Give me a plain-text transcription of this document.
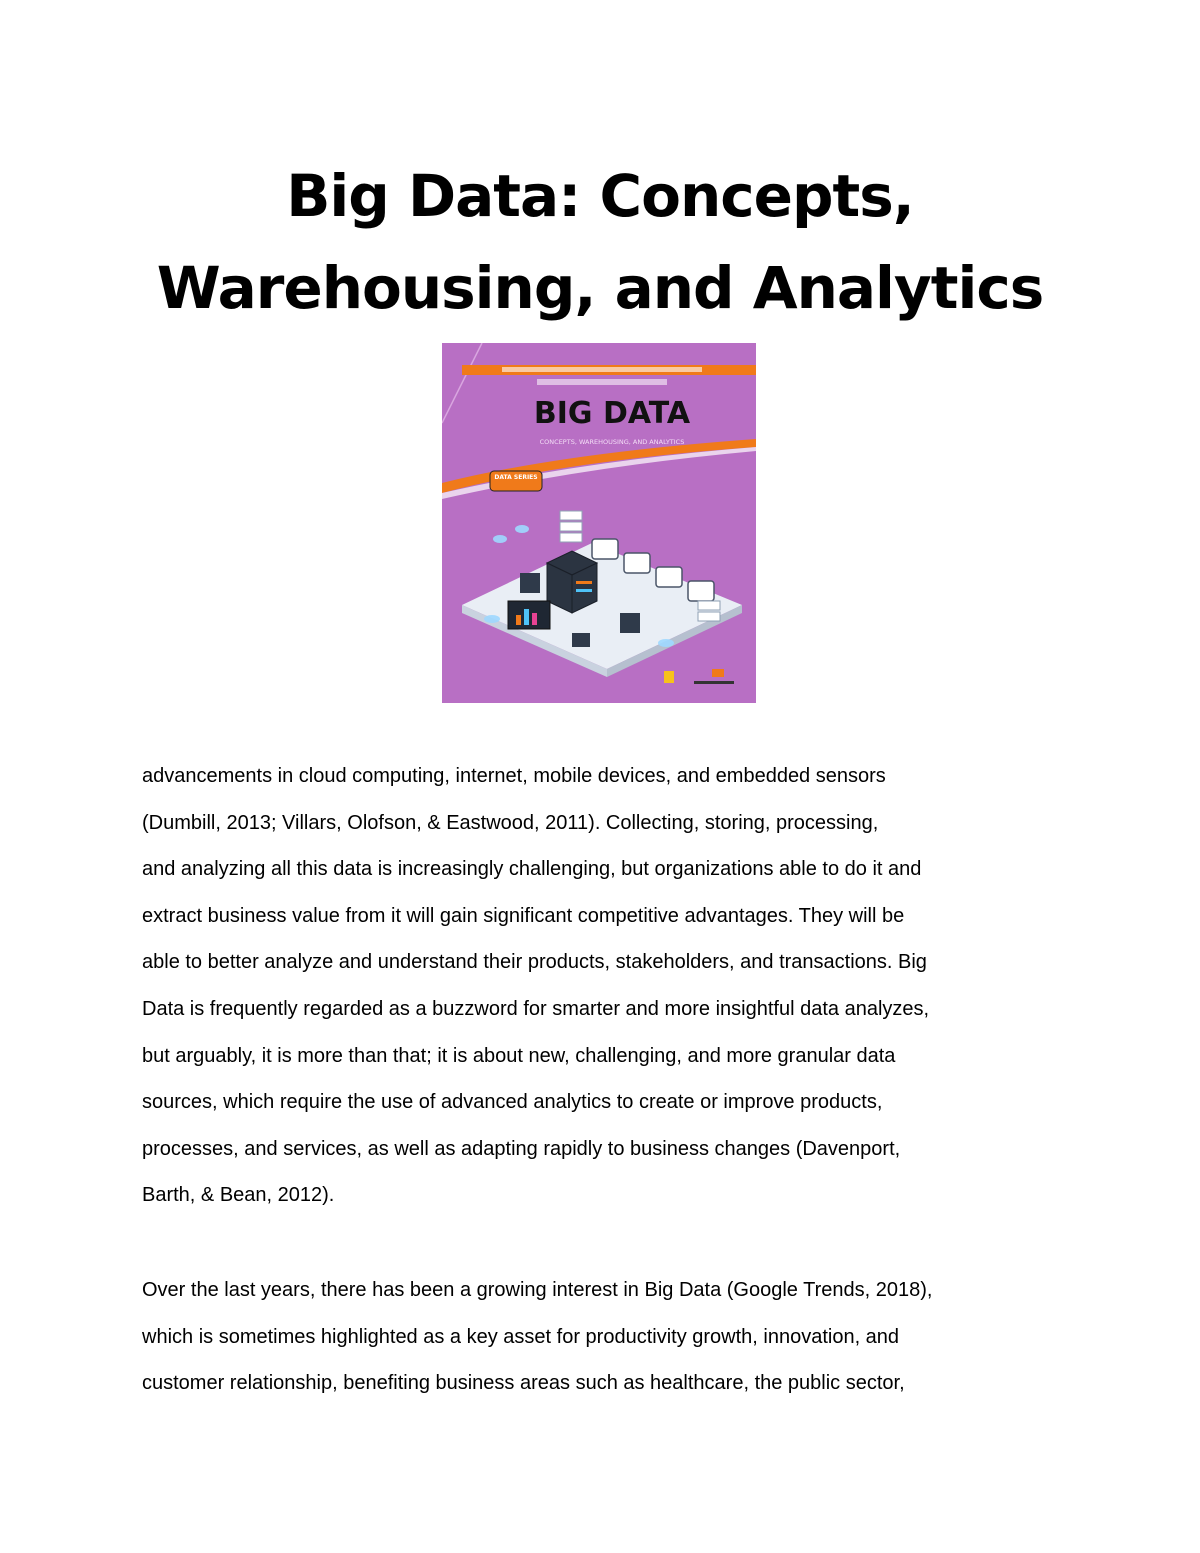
Big Data: Concepts,
Warehousing, and Analytics
BIG DATA
CONCEPTS, WAREHOUSING, AND ANALYTICS
DATA SERIES

advancements in cloud computing, internet, mobile devices, and embedded sensors
(Dumbill, 2013; Villars, Olofson, & Eastwood, 2011). Collecting, storing, processing,
and analyzing all this data is increasingly challenging, but organizations able to do it and
extract business value from it will gain significant competitive advantages. They will be
able to better analyze and understand their products, stakeholders, and transactions. Big
Data is frequently regarded as a buzzword for smarter and more insightful data analyzes,
but arguably, it is more than that; it is about new, challenging, and more granular data
sources, which require the use of advanced analytics to create or improve products,
processes, and services, as well as adapting rapidly to business changes (Davenport,
Barth, & Bean, 2012).

Over the last years, there has been a growing interest in Big Data (Google Trends, 2018),
which is sometimes highlighted as a key asset for productivity growth, innovation, and
customer relationship, benefiting business areas such as healthcare, the public sector,
